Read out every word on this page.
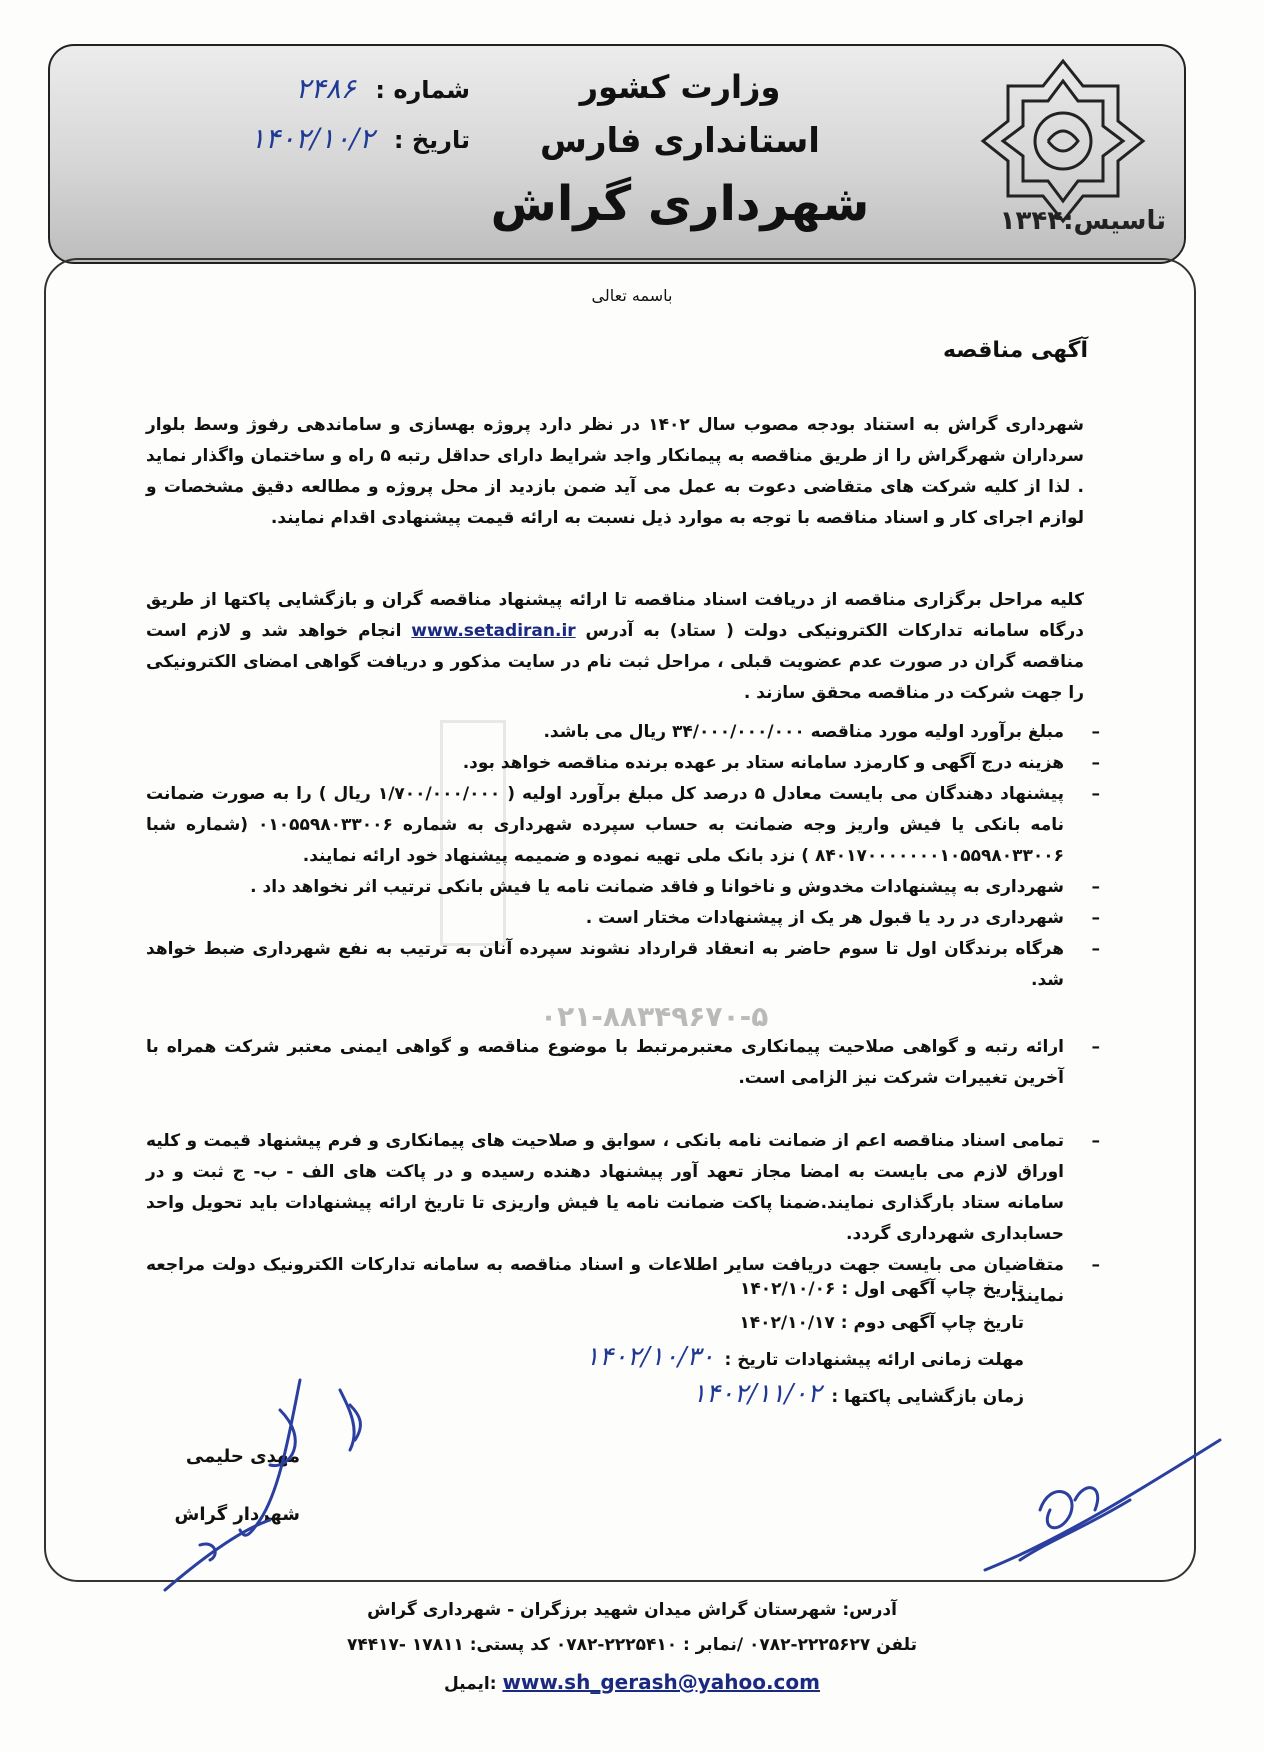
تاسیس:۱۳۴۴
وزارت کشور
استانداری فارس
شهرداری گراش
شماره : ۲۴۸۶
تاریخ : ۱۴۰۲/۱۰/۲
۰۲۱-۸۸۳۴۹۶۷۰-۵
باسمه تعالی
آگهی مناقصه
شهرداری گراش به استناد بودجه مصوب سال ۱۴۰۲ در نظر دارد پروژه بهسازی و ساماندهی رفوژ وسط بلوار سرداران شهرگراش را از طریق مناقصه به پیمانکار واجد شرایط دارای حداقل رتبه ۵ راه و ساختمان واگذار نماید . لذا از کلیه شرکت های متقاضی دعوت به عمل می آید ضمن بازدید از محل پروژه و مطالعه دقیق مشخصات و لوازم اجرای کار و اسناد مناقصه با توجه به موارد ذیل نسبت به ارائه قیمت پیشنهادی اقدام نمایند.
کلیه مراحل برگزاری مناقصه از دریافت اسناد مناقصه تا ارائه پیشنهاد مناقصه گران و بازگشایی پاکتها از طریق درگاه سامانه تدارکات الکترونیکی دولت ( ستاد) به آدرس www.setadiran.ir انجام خواهد شد و لازم است مناقصه گران در صورت عدم عضویت قبلی ، مراحل ثبت نام در سایت مذکور و دریافت گواهی امضای الکترونیکی را جهت شرکت در مناقصه محقق سازند .
–
مبلغ برآورد اولیه مورد مناقصه ۳۴/۰۰۰/۰۰۰/۰۰۰ ریال می باشد.
–
هزینه درج آگهی و کارمزد سامانه ستاد بر عهده برنده مناقصه خواهد بود.
–
پیشنهاد دهندگان می بایست معادل ۵ درصد کل مبلغ برآورد اولیه ( ۱/۷۰۰/۰۰۰/۰۰۰ ریال ) را به صورت ضمانت نامه بانکی یا فیش واریز وجه ضمانت به حساب سپرده شهرداری به شماره ۰۱۰۵۵۹۸۰۳۳۰۰۶ (شماره شبا ۸۴۰۱۷۰۰۰۰۰۰۰۱۰۵۵۹۸۰۳۳۰۰۶ ) نزد بانک ملی تهیه نموده و ضمیمه پیشنهاد خود ارائه نمایند.
–
شهرداری به پیشنهادات مخدوش و ناخوانا و فاقد ضمانت نامه یا فیش بانکی ترتیب اثر نخواهد داد .
–
شهرداری در رد یا قبول هر یک از پیشنهادات مختار است .
–
هرگاه برندگان اول تا سوم حاضر به انعقاد قرارداد نشوند سپرده آنان به ترتیب به نفع شهرداری ضبط خواهد شد.
–
ارائه رتبه و گواهی صلاحیت پیمانکاری معتبرمرتبط با موضوع مناقصه و گواهی ایمنی معتبر شرکت همراه با آخرین تغییرات شرکت نیز الزامی است.
–
تمامی اسناد مناقصه اعم از ضمانت نامه بانکی ، سوابق و صلاحیت های پیمانکاری و فرم پیشنهاد قیمت و کلیه اوراق لازم می بایست به امضا مجاز تعهد آور پیشنهاد دهنده رسیده و در پاکت های الف - ب- ج ثبت و در سامانه ستاد بارگذاری نمایند.ضمنا پاکت ضمانت نامه یا فیش واریزی تا تاریخ ارائه پیشنهادات باید تحویل واحد حسابداری شهرداری گردد.
–
متقاضیان می بایست جهت دریافت سایر اطلاعات و اسناد مناقصه به سامانه تدارکات الکترونیک دولت مراجعه نمایند.
تاریخ چاپ آگهی اول : ۱۴۰۲/۱۰/۰۶
تاریخ چاپ آگهی دوم : ۱۴۰۲/۱۰/۱۷
مهلت زمانی ارائه پیشنهادات تاریخ :۱۴۰۲/۱۰/۳۰
زمان بازگشایی پاکتها :۱۴۰۲/۱۱/۰۲
مهدی حلیمی
شهردار گراش
آدرس: شهرستان گراش میدان شهید برزگران - شهرداری گراش
تلفن ۲۲۲۵۶۲۷-۰۷۸۲ /نمابر : ۲۲۲۵۴۱۰-۰۷۸۲ کد پستی: ۱۷۸۱۱ -۷۴۴۱۷
www.sh_gerash@yahoo.com :ایمیل
